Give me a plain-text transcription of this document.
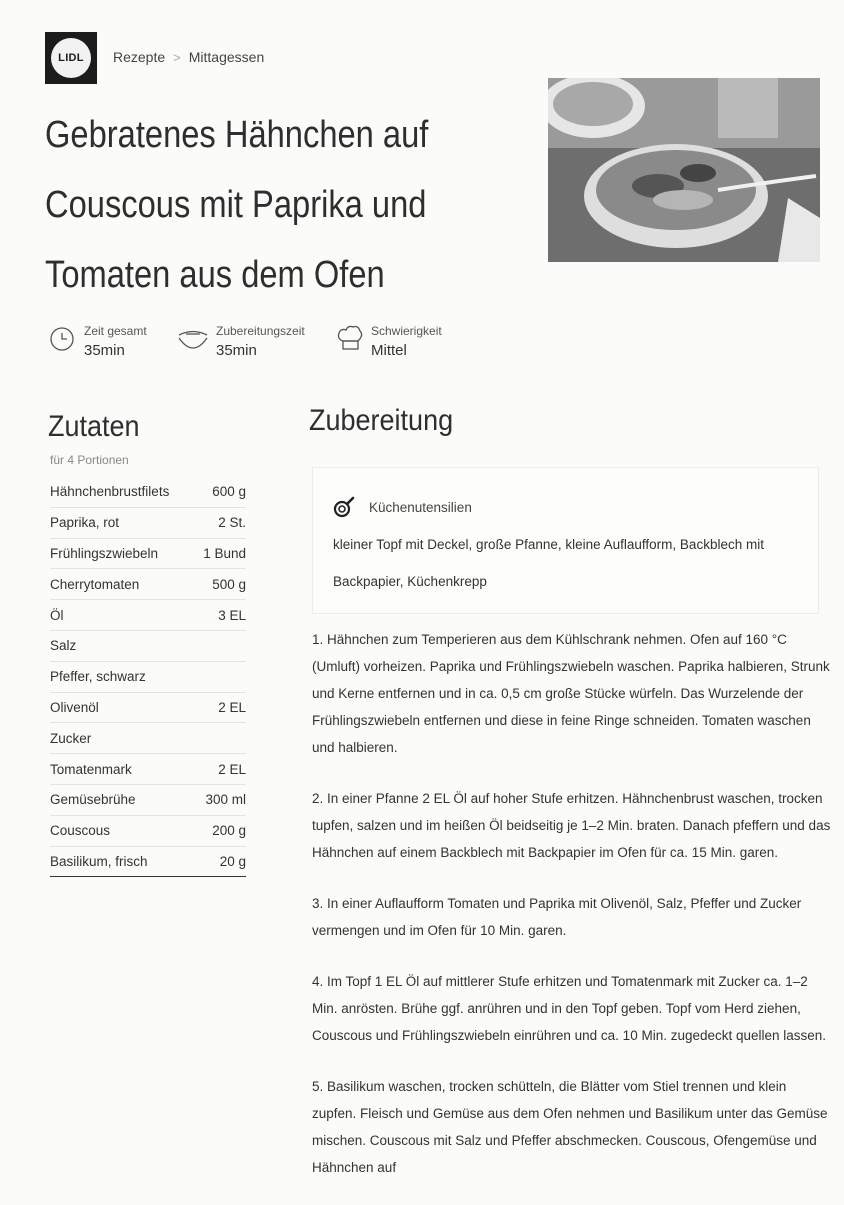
LIDL	Rezepte > Mittagessen
Gebratenes Hähnchen auf Couscous mit Paprika und Tomaten aus dem Ofen
Zeit gesamt
35min
Zubereitungszeit
35min
Schwierigkeit
Mittel
Zutaten
für 4 Portionen
Hähnchenbrustfilets	600 g
Paprika, rot	2 St.
Frühlingszwiebeln	1 Bund
Cherrytomaten	500 g
Öl	3 EL
Salz	
Pfeffer, schwarz	
Olivenöl	2 EL
Zucker	
Tomatenmark	2 EL
Gemüsebrühe	300 ml
Couscous	200 g
Basilikum, frisch	20 g
Zubereitung
Küchenutensilien

kleiner Topf mit Deckel, große Pfanne, kleine Auflaufform, Backblech mit Backpapier, Küchenkrepp

1. Hähnchen zum Temperieren aus dem Kühlschrank nehmen. Ofen auf 160 °C (Umluft) vorheizen. Paprika und Frühlingszwiebeln waschen. Paprika halbieren, Strunk und Kerne entfernen und in ca. 0,5 cm große Stücke würfeln. Das Wurzelende der Frühlingszwiebeln entfernen und diese in feine Ringe schneiden. Tomaten waschen und halbieren.

2. In einer Pfanne 2 EL Öl auf hoher Stufe erhitzen. Hähnchenbrust waschen, trocken tupfen, salzen und im heißen Öl beidseitig je 1–2 Min. braten. Danach pfeffern und das Hähnchen auf einem Backblech mit Backpapier im Ofen für ca. 15 Min. garen.

3. In einer Auflaufform Tomaten und Paprika mit Olivenöl, Salz, Pfeffer und Zucker vermengen und im Ofen für 10 Min. garen.

4. Im Topf 1 EL Öl auf mittlerer Stufe erhitzen und Tomatenmark mit Zucker ca. 1–2 Min. anrösten. Brühe ggf. anrühren und in den Topf geben. Topf vom Herd ziehen, Couscous und Frühlingszwiebeln einrühren und ca. 10 Min. zugedeckt quellen lassen.

5. Basilikum waschen, trocken schütteln, die Blätter vom Stiel trennen und klein zupfen. Fleisch und Gemüse aus dem Ofen nehmen und Basilikum unter das Gemüse mischen. Couscous mit Salz und Pfeffer abschmecken. Couscous, Ofengemüse und Hähnchen auf
